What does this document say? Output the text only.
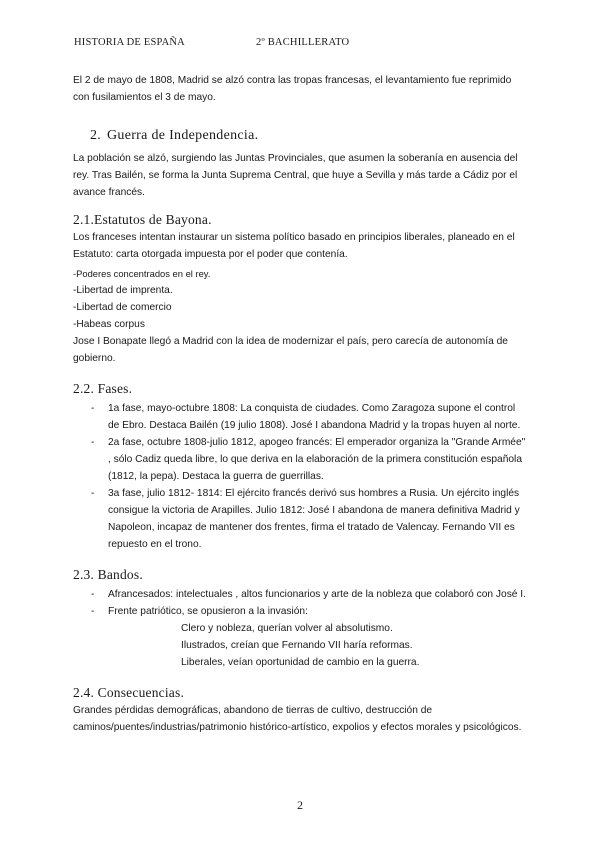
HISTORIA DE ESPAÑA	2º BACHILLERATO

El 2 de mayo de 1808, Madrid se alzó contra las tropas francesas, el levantamiento fue reprimido con fusilamientos el 3 de mayo.

2. Guerra de Independencia.

La población se alzó, surgiendo las Juntas Provinciales, que asumen la soberanía en ausencia del rey. Tras Bailén, se forma la Junta Suprema Central, que huye a Sevilla y más tarde a Cádiz por el avance francés.

2.1.Estatutos de Bayona.

Los franceses intentan instaurar un sistema político basado en principios liberales, planeado en el Estatuto: carta otorgada impuesta por el poder que contenía.

-Poderes concentrados en el rey.

-Libertad de imprenta.

-Libertad de comercio

-Habeas corpus

Jose I Bonapate llegó a Madrid con la idea de modernizar el país, pero carecía de autonomía de gobierno.

2.2. Fases.
- 1a fase, mayo-octubre 1808: La conquista de ciudades. Como Zaragoza supone el control de Ebro. Destaca Bailén (19 julio 1808). José I abandona Madrid y la tropas huyen al norte.
- 2a fase, octubre 1808-julio 1812, apogeo francés: El emperador organiza la "Grande Armée" , sólo Cadiz queda libre, lo que deriva en la elaboración de la primera constitución española (1812, la pepa). Destaca la guerra de guerrillas.
- 3a fase, julio 1812- 1814: El ejército francés derivó sus hombres a Rusia. Un ejército inglés consigue la victoria de Arapilles. Julio 1812: José I abandona de manera definitiva Madrid y Napoleon, incapaz de mantener dos frentes, firma el tratado de Valencay. Fernando VII es repuesto en el trono.
2.3. Bandos.
- Afrancesados: intelectuales , altos funcionarios y arte de la nobleza que colaboró con José I.
- Frente patriótico, se opusieron a la invasión:
Clero y nobleza, querían volver al absolutismo.
Ilustrados, creían que Fernando VII haría reformas.
Liberales, veían oportunidad de cambio en la guerra.
2.4. Consecuencias.

Grandes pérdidas demográficas, abandono de tierras de cultivo, destrucción de caminos/puentes/industrias/patrimonio histórico-artístico, expolios y efectos morales y psicológicos.

2
